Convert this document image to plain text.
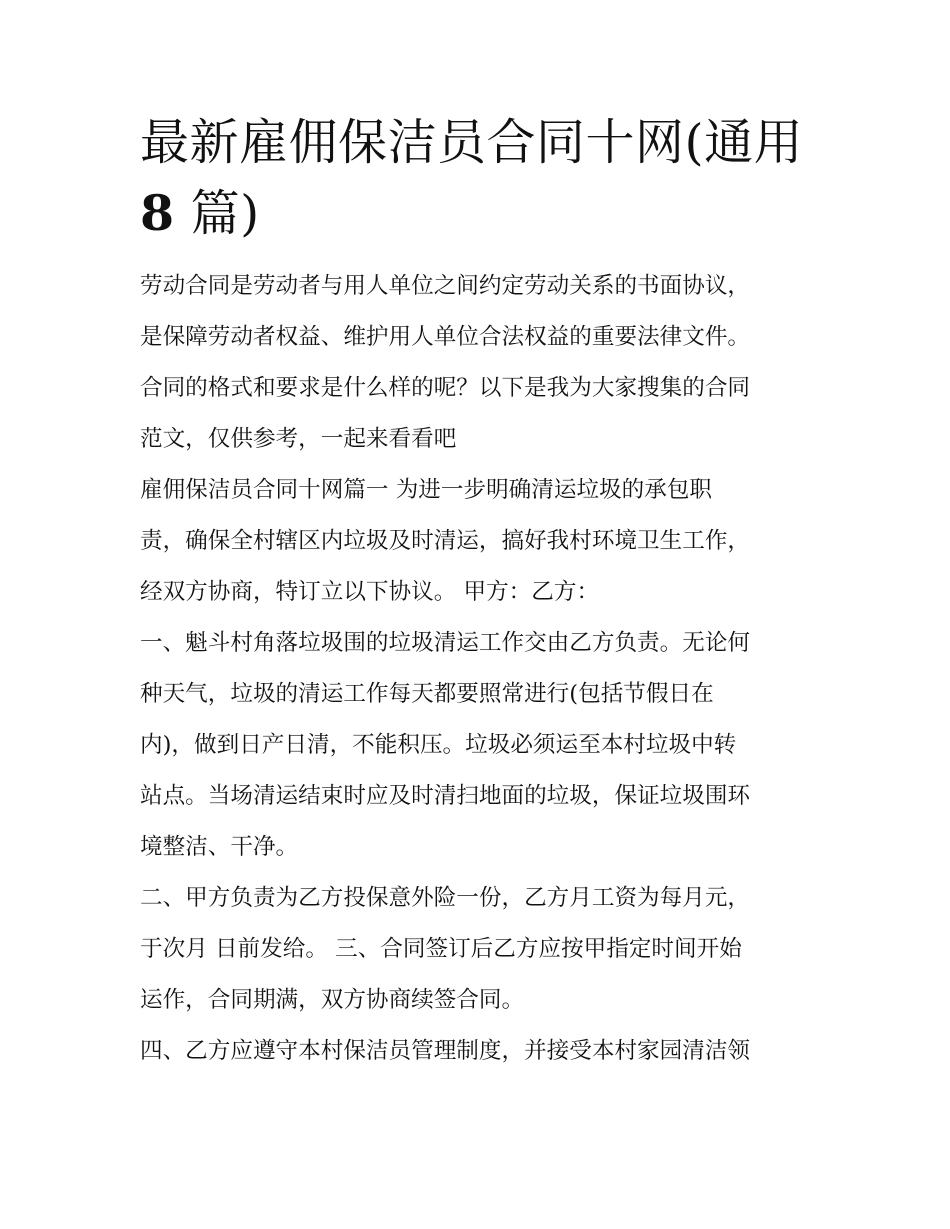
最新雇佣保洁员合同十网(通用
8 篇)

劳动合同是劳动者与用人单位之间约定劳动关系的书面协议，
是保障劳动者权益、维护用人单位合法权益的重要法律文件。
合同的格式和要求是什么样的呢？以下是我为大家搜集的合同
范文，仅供参考，一起来看看吧

雇佣保洁员合同十网篇一 为进一步明确清运垃圾的承包职
责，确保全村辖区内垃圾及时清运，搞好我村环境卫生工作，
经双方协商，特订立以下协议。 甲方：乙方：

一、魁斗村角落垃圾围的垃圾清运工作交由乙方负责。无论何
种天气，垃圾的清运工作每天都要照常进行(包括节假日在
内)，做到日产日清，不能积压。垃圾必须运至本村垃圾中转
站点。当场清运结束时应及时清扫地面的垃圾，保证垃圾围环
境整洁、干净。

二、甲方负责为乙方投保意外险一份，乙方月工资为每月元，
于次月 日前发给。 三、合同签订后乙方应按甲指定时间开始
运作，合同期满，双方协商续签合同。

四、乙方应遵守本村保洁员管理制度，并接受本村家园清洁领
